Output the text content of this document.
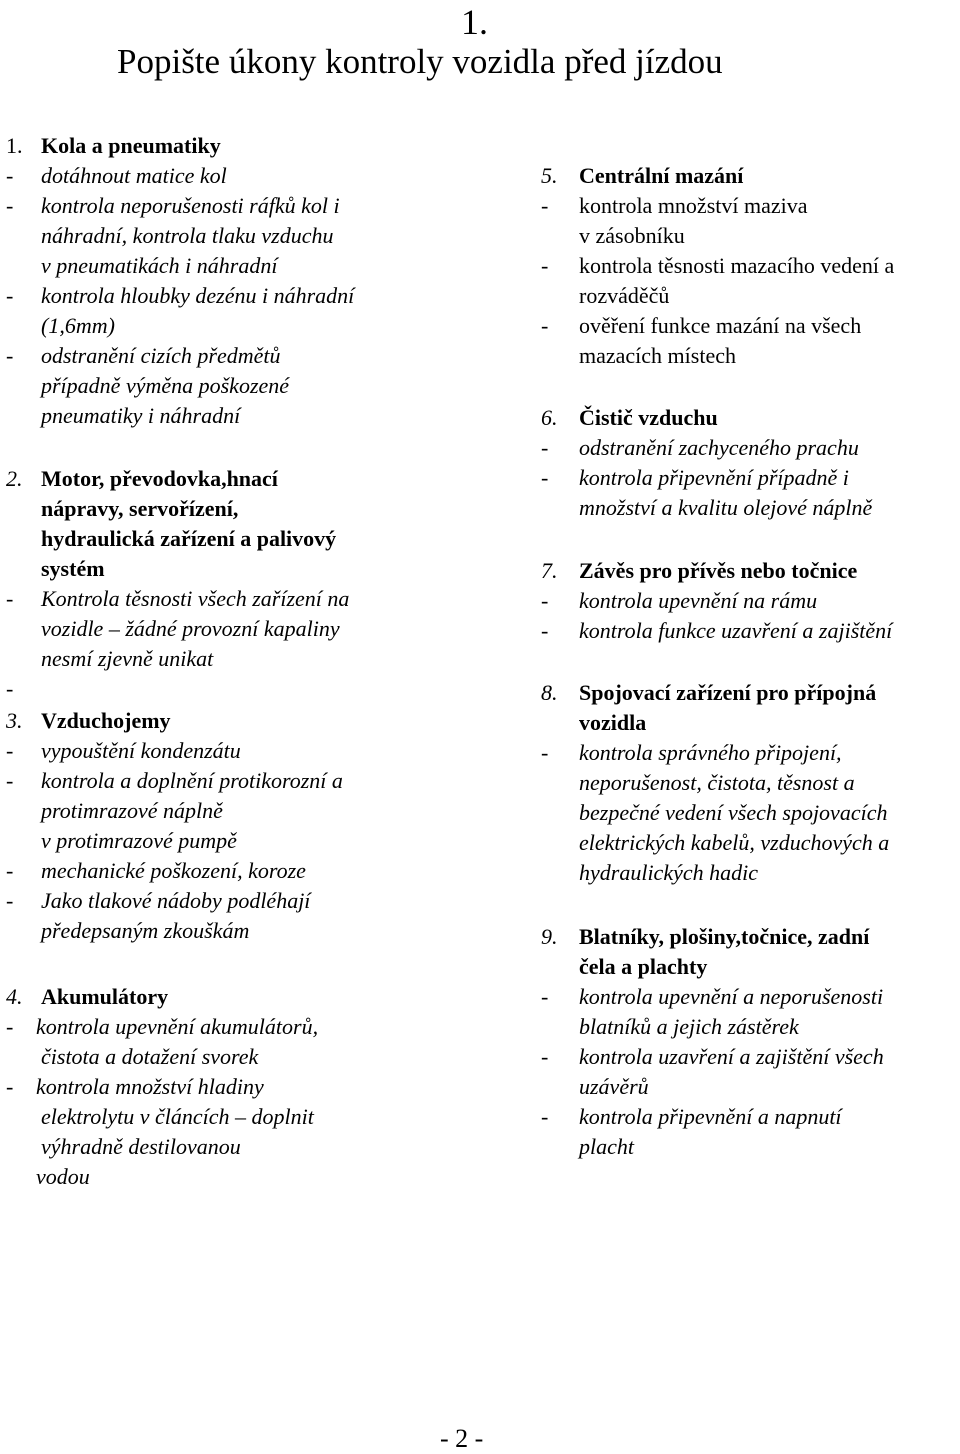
1.
Popište úkony kontroly vozidla před jízdou
1. Kola a pneumatiky
- dotáhnout matice kol
- kontrola neporušenosti ráfků kol i
náhradní, kontrola tlaku vzduchu
v pneumatikách i náhradní
- kontrola hloubky dezénu i náhradní
(1,6mm)
- odstranění cizích předmětů
případně výměna poškozené
pneumatiky i náhradní
2. Motor, převodovka,hnací
nápravy, servořízení,
hydraulická zařízení a palivový
systém
- Kontrola těsnosti všech zařízení na
vozidle – žádné provozní kapaliny
nesmí zjevně unikat
-
3. Vzduchojemy
- vypouštění kondenzátu
- kontrola a doplnění protikorozní a
protimrazové náplně
v protimrazové pumpě
- mechanické poškození, koroze
- Jako tlakové nádoby podléhají
předepsaným zkouškám
4. Akumulátory
- kontrola upevnění akumulátorů,
čistota a dotažení svorek
- kontrola množství hladiny
elektrolytu v článcích – doplnit
výhradně destilovanou
vodou
5. Centrální mazání
- kontrola množství maziva
v zásobníku
- kontrola těsnosti mazacího vedení a
rozváděčů
- ověření funkce mazání na všech
mazacích místech
6. Čistič vzduchu
- odstranění zachyceného prachu
- kontrola připevnění případně i
množství a kvalitu olejové náplně
7. Závěs pro přívěs nebo točnice
- kontrola upevnění na rámu
- kontrola funkce uzavření a zajištění
8. Spojovací zařízení pro přípojná
vozidla
- kontrola správného připojení,
neporušenost, čistota, těsnost a
bezpečné vedení všech spojovacích
elektrických kabelů, vzduchových a
hydraulických hadic
9. Blatníky, plošiny,točnice, zadní
čela a plachty
- kontrola upevnění a neporušenosti
blatníků a jejich zástěrek
- kontrola uzavření a zajištění všech
uzávěrů
- kontrola připevnění a napnutí
placht
- 2 -
